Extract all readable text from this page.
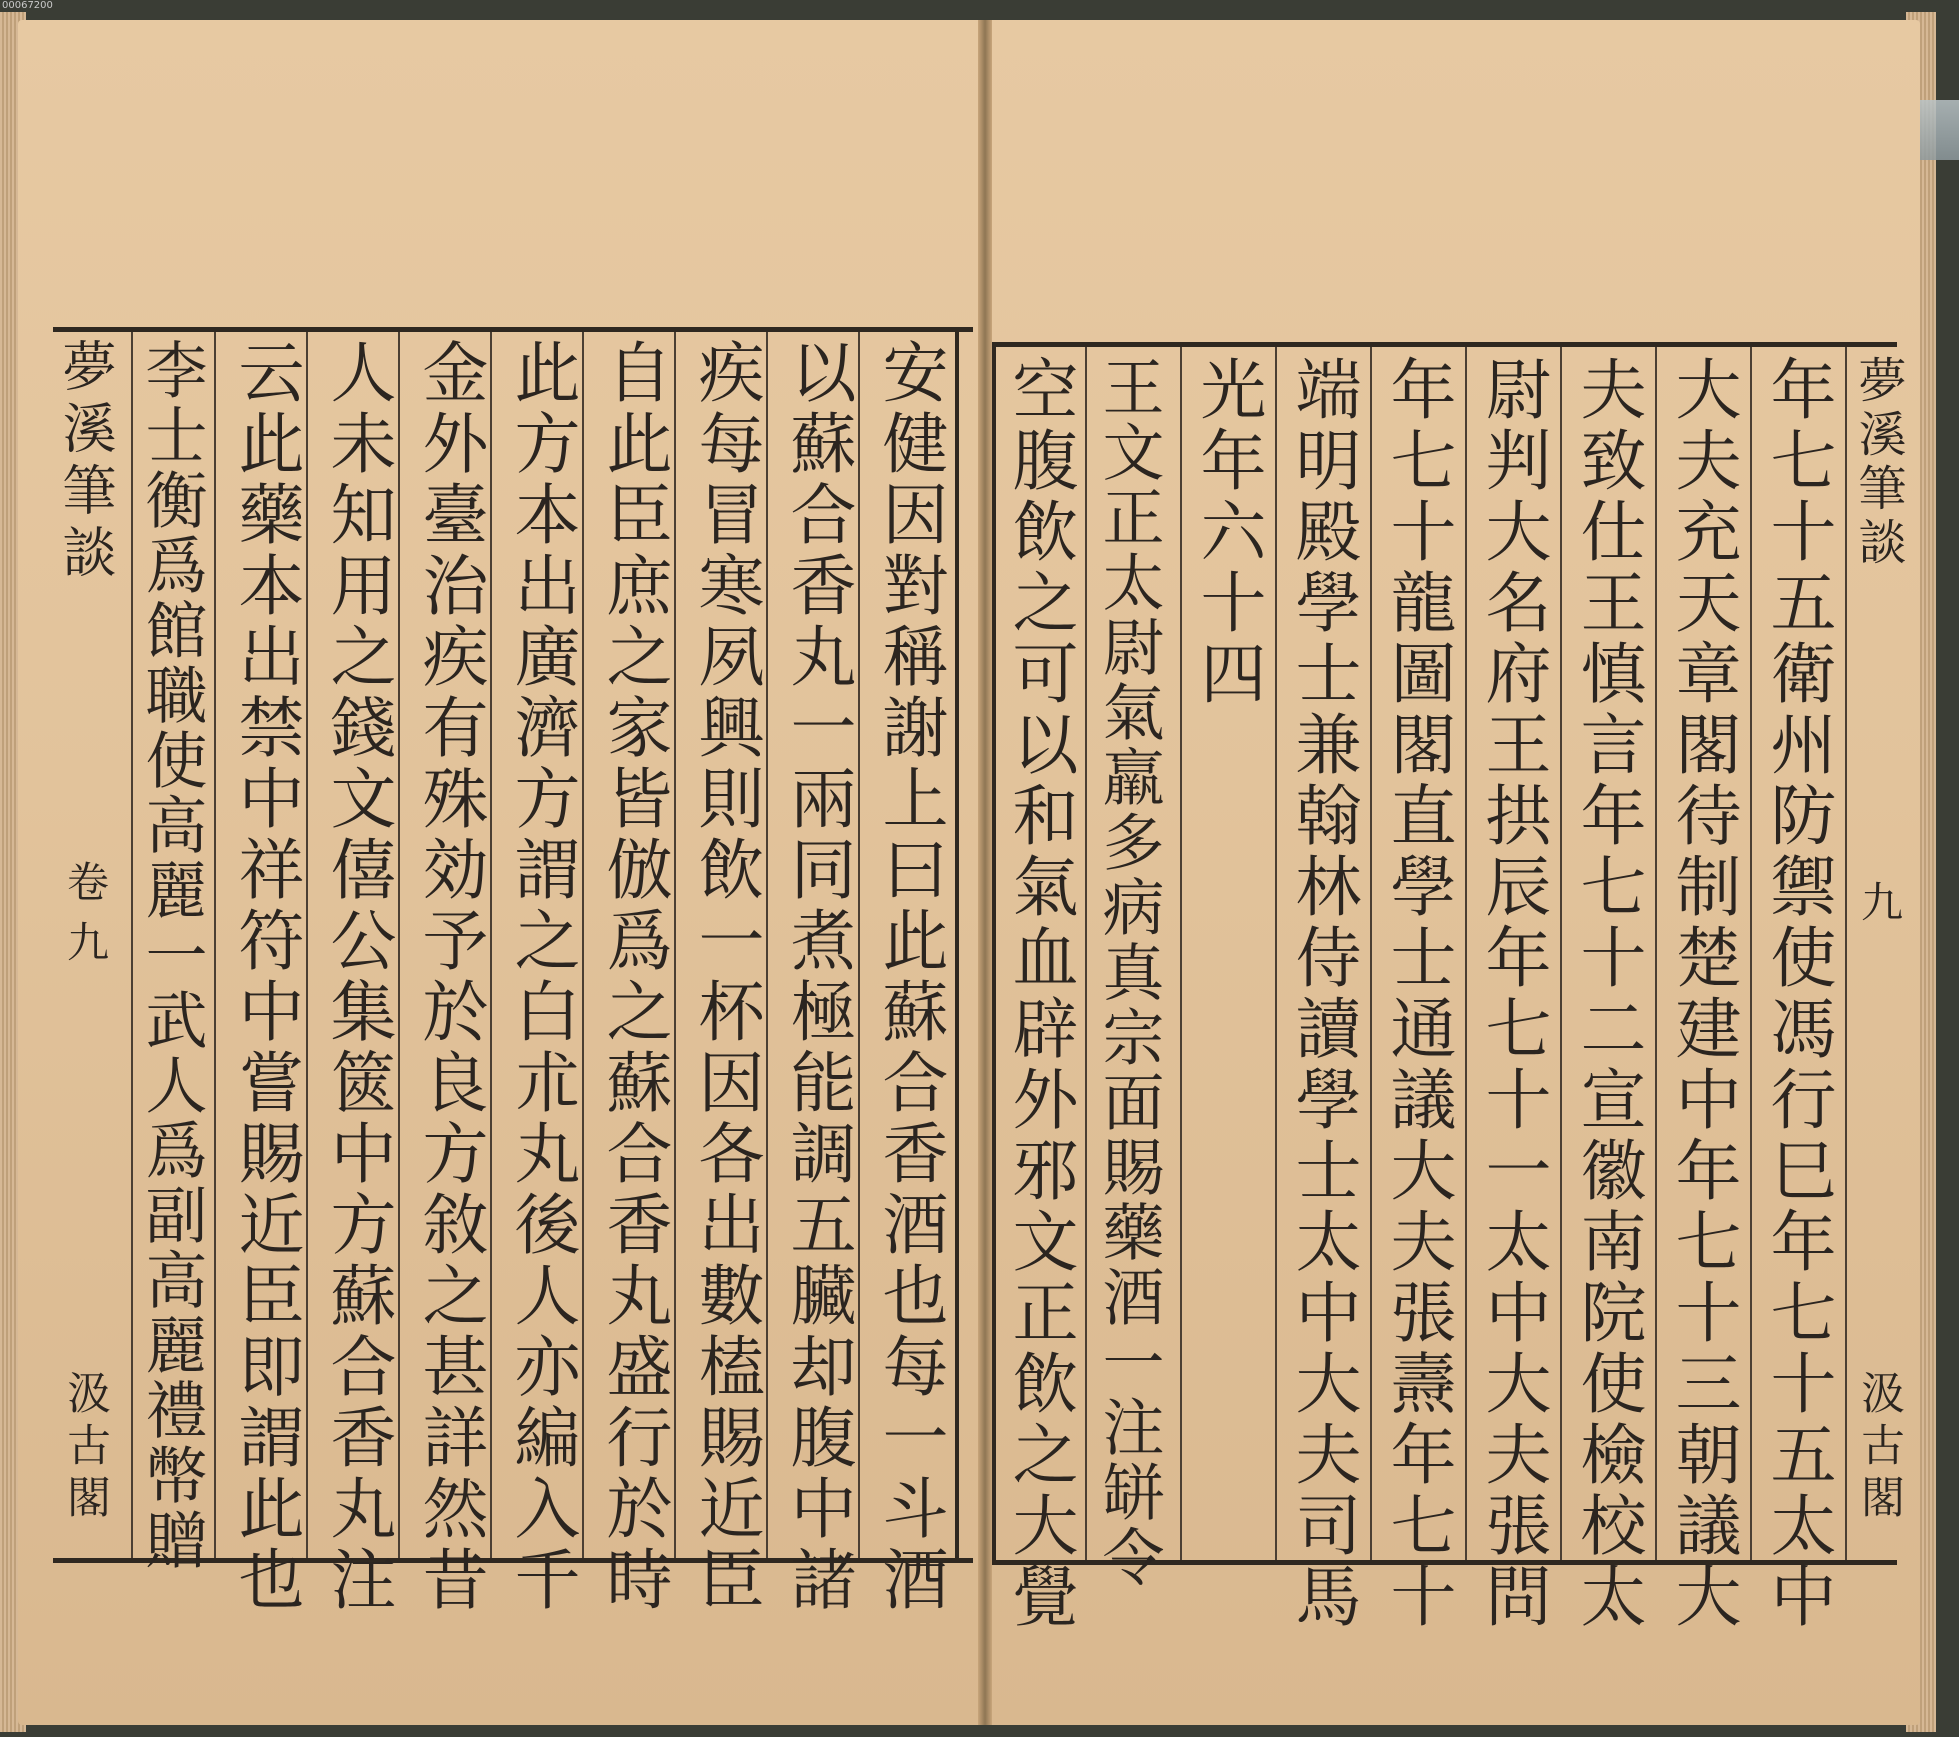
00067200
安健因對稱謝上曰此蘇合香酒也每一斗酒
以蘇合香丸一兩同煮極能調五臟却腹中諸
疾每冒寒夙興則飲一杯因各出數榼賜近臣
自此臣庶之家皆倣爲之蘇合香丸盛行於時
此方本出廣濟方謂之白朮丸後人亦編入千
金外臺治疾有殊効予於良方敘之甚詳然昔
人未知用之錢文僖公集篋中方蘇合香丸注
云此藥本出禁中祥符中嘗賜近臣即謂此也
李士衡爲館職使高麗一武人爲副高麗禮幣贈
夢溪筆談
卷九
汲古閣	年七十五衛州防禦使馮行巳年七十五太中
大夫充天章閣待制楚建中年七十三朝議大
夫致仕王慎言年七十二宣徽南院使檢校太
尉判大名府王拱辰年七十一太中大夫張問
年七十龍圖閣直學士通議大夫張燾年七十
端明殿學士兼翰林侍讀學士太中大夫司馬
光年六十四
王文正太尉氣羸多病真宗面賜藥酒一注缾令
空腹飲之可以和氣血辟外邪文正飲之大覺	夢溪筆談
九
汲古閣
